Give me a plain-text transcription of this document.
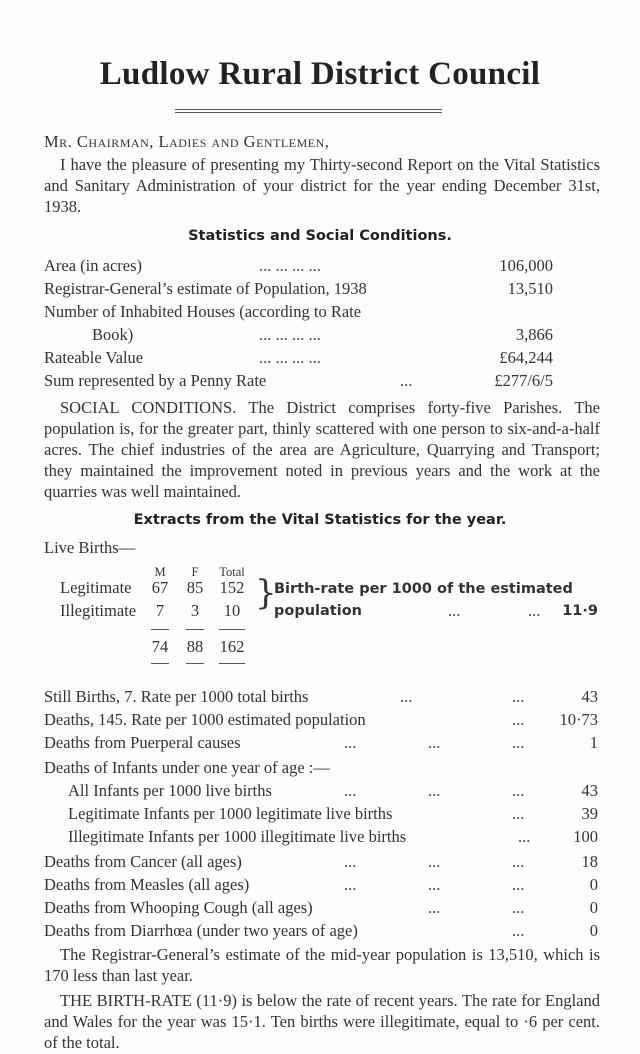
Ludlow Rural District Council
Mr. Chairman, Ladies and Gentlemen,
I have the pleasure of presenting my Thirty-second Report on the Vital Statistics and Sanitary Administration of your district for the year ending December 31st, 1938.
Statistics and Social Conditions.
Area (in acres)	... ... ... ...	106,000
Registrar-General’s estimate of Population, 1938	13,510
Number of Inhabited Houses (according to Rate
Book)	... ... ... ...	3,866
Rateable Value	... ... ... ...	£64,244
Sum represented by a Penny Rate	...	£277/6/5
SOCIAL CONDITIONS. The District comprises forty-five Parishes. The population is, for the greater part, thinly scattered with one person to six-and-a-half acres. The chief industries of the area are Agriculture, Quarrying and Transport; they maintained the improvement noted in previous years and the work at the quarries was well maintained.
Extracts from the Vital Statistics for the year.
Live Births—
M	F	Total
Legitimate	67	85 152
Illegitimate	7	3	10 }
Birth-rate per 1000 of the estimated
population	...	... 11·9
74	88 162
Still Births, 7. Rate per 1000 total births	...	...	43
Deaths, 145. Rate per 1000 estimated population	... 10·73
Deaths from Puerperal causes	...	...	...	1
Deaths of Infants under one year of age :—
All Infants per 1000 live births	...	...	...	43
Legitimate Infants per 1000 legitimate live births	...	39
Illegitimate Infants per 1000 illegitimate live births	...	100
Deaths from Cancer (all ages)	...	...	...	18
Deaths from Measles (all ages)	...	...	...	0
Deaths from Whooping Cough (all ages)	...	...	0
Deaths from Diarrhœa (under two years of age)	...	0
The Registrar-General’s estimate of the mid-year population is 13,510, which is 170 less than last year.
THE BIRTH-RATE (11·9) is below the rate of recent years. The rate for England and Wales for the year was 15·1. Ten births were illegitimate, equal to ·6 per cent. of the total.
